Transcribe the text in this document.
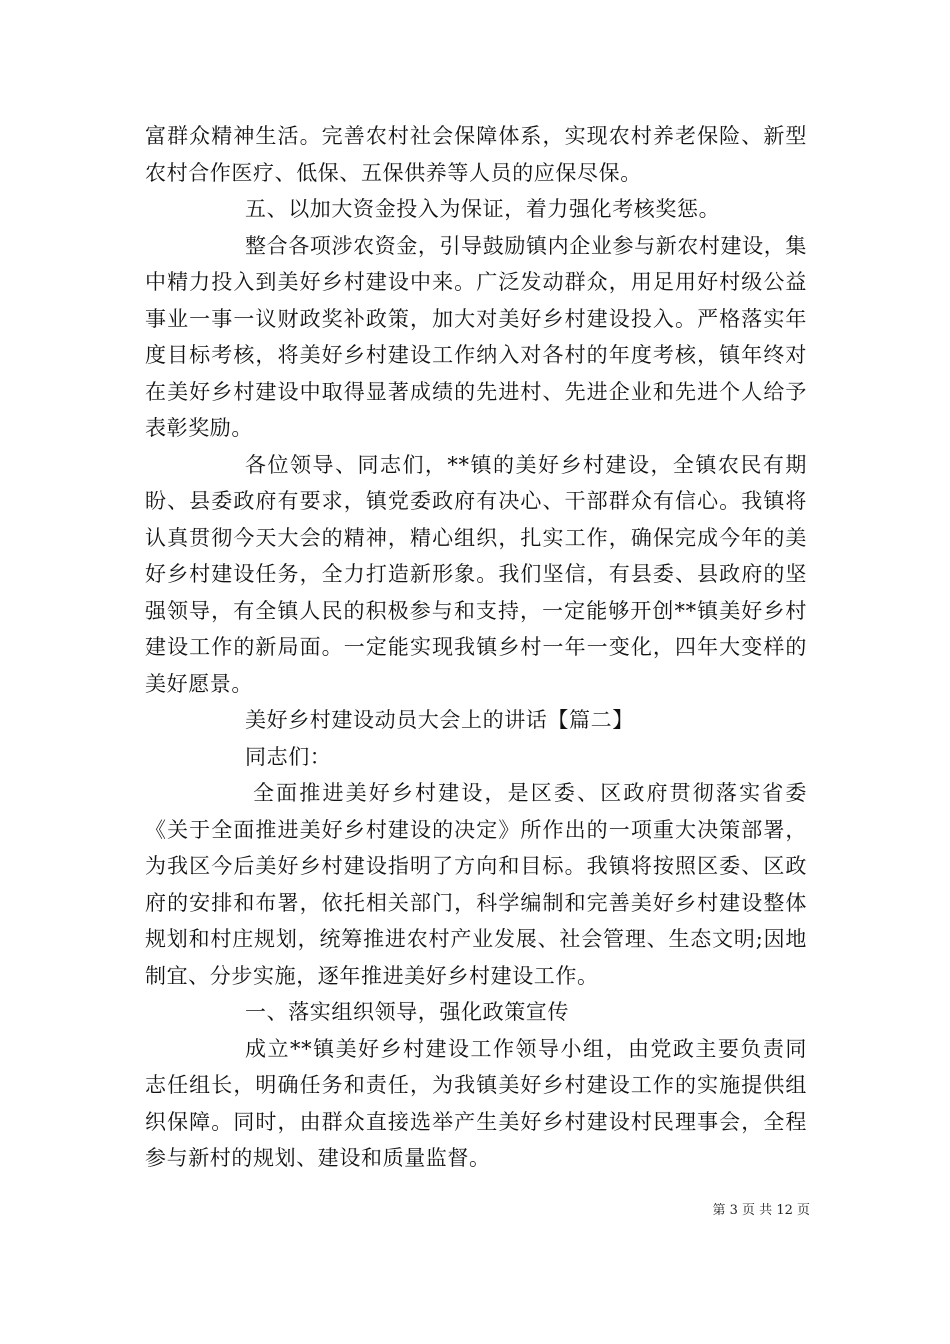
富群众精神生活。完善农村社会保障体系，实现农村养老保险、新型农村合作医疗、低保、五保供养等人员的应保尽保。

五、以加大资金投入为保证，着力强化考核奖惩。

整合各项涉农资金，引导鼓励镇内企业参与新农村建设，集中精力投入到美好乡村建设中来。广泛发动群众，用足用好村级公益事业一事一议财政奖补政策，加大对美好乡村建设投入。严格落实年度目标考核，将美好乡村建设工作纳入对各村的年度考核，镇年终对在美好乡村建设中取得显著成绩的先进村、先进企业和先进个人给予表彰奖励。

各位领导、同志们，**镇的美好乡村建设，全镇农民有期盼、县委政府有要求，镇党委政府有决心、干部群众有信心。我镇将认真贯彻今天大会的精神，精心组织，扎实工作，确保完成今年的美好乡村建设任务，全力打造新形象。我们坚信，有县委、县政府的坚强领导，有全镇人民的积极参与和支持，一定能够开创**镇美好乡村建设工作的新局面。一定能实现我镇乡村一年一变化，四年大变样的美好愿景。

美好乡村建设动员大会上的讲话【篇二】

同志们：

全面推进美好乡村建设，是区委、区政府贯彻落实省委《关于全面推进美好乡村建设的决定》所作出的一项重大决策部署，为我区今后美好乡村建设指明了方向和目标。我镇将按照区委、区政府的安排和布署，依托相关部门，科学编制和完善美好乡村建设整体规划和村庄规划，统筹推进农村产业发展、社会管理、生态文明;因地制宜、分步实施，逐年推进美好乡村建设工作。

一、落实组织领导，强化政策宣传

成立**镇美好乡村建设工作领导小组，由党政主要负责同志任组长，明确任务和责任，为我镇美好乡村建设工作的实施提供组织保障。同时，由群众直接选举产生美好乡村建设村民理事会，全程参与新村的规划、建设和质量监督。

第 3 页 共 12 页
